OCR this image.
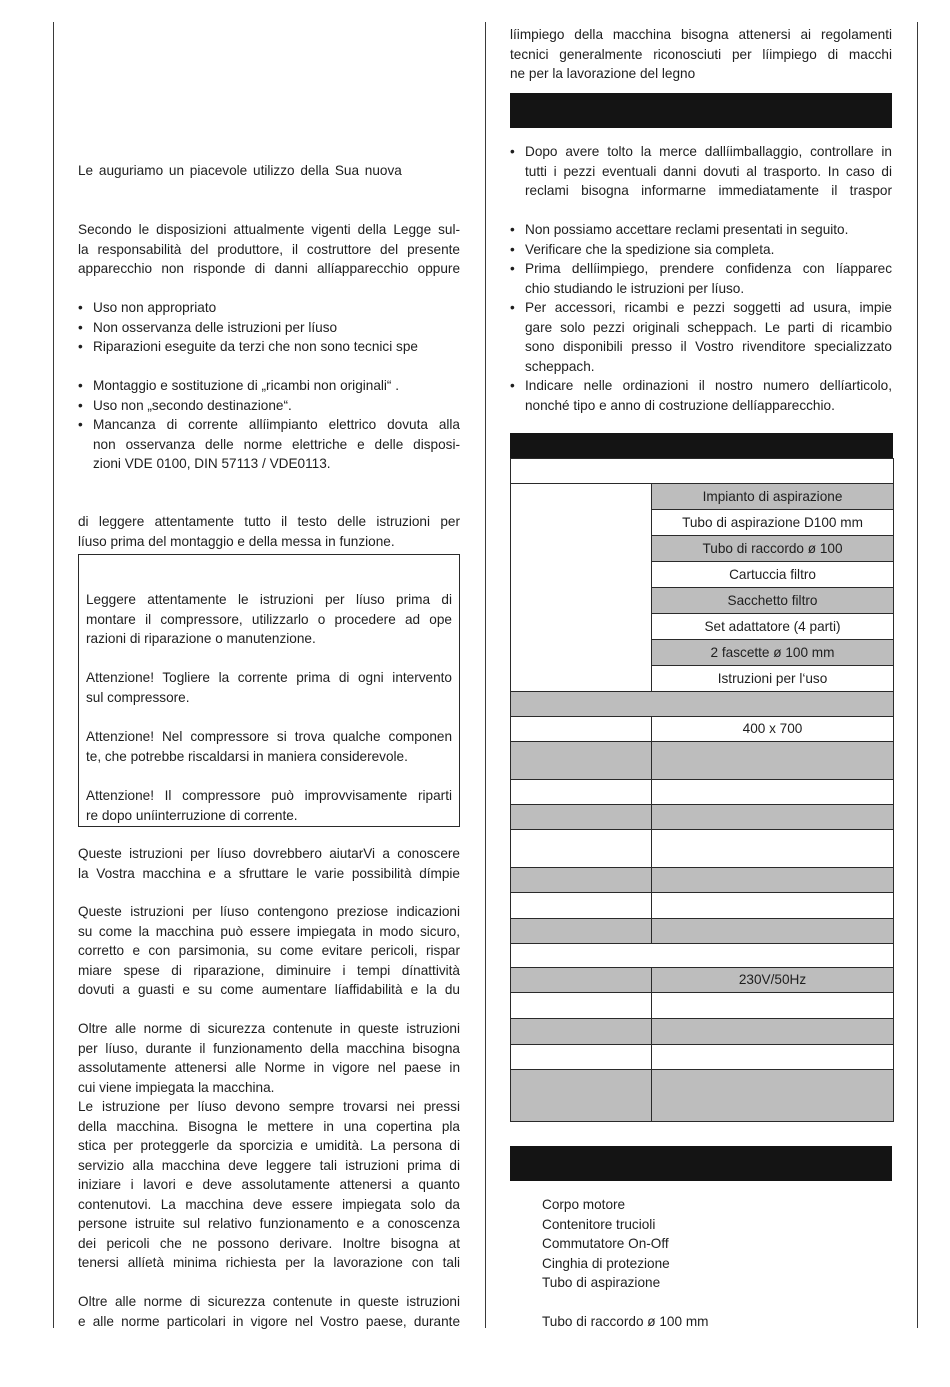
Le auguriamo un piacevole utilizzo della Sua nuova

Secondo le disposizioni attualmente vigenti della Legge sul-
la responsabilità del produttore, il costruttore del presente
apparecchio non risponde di danni allíapparecchio oppure
• Uso non appropriato
• Non osservanza delle istruzioni per líuso
• Riparazioni eseguite da terzi che non sono tecnici spe
• Montaggio e sostituzione di „ricambi non originali“ .
• Uso non „secondo destinazione“.
• Mancanza di corrente allíimpianto elettrico dovuta alla
non osservanza delle norme elettriche e delle disposi-
zioni VDE 0100, DIN 57113 / VDE0113.
di leggere attentamente tutto il testo delle istruzioni per
líuso prima del montaggio e della messa in funzione.
Leggere attentamente le istruzioni per líuso prima di
montare il compressore, utilizzarlo o procedere ad ope
razioni di riparazione o manutenzione.
Attenzione! Togliere la corrente prima di ogni intervento
sul compressore.
Attenzione! Nel compressore si trova qualche componen
te, che potrebbe riscaldarsi in maniera considerevole.
Attenzione! Il compressore può improvvisamente riparti
re dopo uníinterruzione di corrente.
Queste istruzioni per líuso dovrebbero aiutarVi a conoscere
la Vostra macchina e a sfruttare le varie possibilità dímpie
Queste istruzioni per líuso contengono preziose indicazioni
su come la macchina può essere impiegata in modo sicuro,
corretto e con parsimonia, su come evitare pericoli, rispar
miare spese di riparazione, diminuire i tempi dínattività
dovuti a guasti e su come aumentare líaffidabilità e la du
Oltre alle norme di sicurezza contenute in queste istruzioni
per líuso, durante il funzionamento della macchina bisogna
assolutamente attenersi alle Norme in vigore nel paese in
cui viene impiegata la macchina.
Le istruzione per líuso devono sempre trovarsi nei pressi
della macchina. Bisogna le metterе in una copertina pla
stica per proteggerle da sporcizia e umidità. La persona di
servizio alla macchina deve leggere tali istruzioni prima di
iniziare i lavori e deve assolutamente attenersi a quanto
contenutovi. La macchina deve essere impiegata solo da
persone istruite sul relativo funzionamento e a conoscenza
dei pericoli che ne possono derivare. Inoltre bisogna at
tenersi allíetà minima richiesta per la lavorazione con tali
Oltre alle norme di sicurezza contenute in queste istruzioni
e alle norme particolari in vigore nel Vostro paese, durante
líimpiego della macchina bisogna attenersi ai regolamenti
tecnici generalmente riconosciuti per líimpiego di macchi
ne per la lavorazione del legno
• Dopo avere tolto la merce dallíimballaggio, controllare in
tutti i pezzi eventuali danni dovuti al trasporto. In caso di
reclami bisogna informarne immediatamente il traspor
• Non possiamo accettare reclami presentati in seguito.
• Verificare che la spedizione sia completa.
• Prima dellíimpiego, prendere confidenza con líapparec
chio studiando le istruzioni per líuso.
• Per accessori, ricambi e pezzi soggetti ad usura, impie
gare solo pezzi originali scheppach. Le parti di ricambio
sono disponibili presso il Vostro rivenditore specializzato
scheppach.
• Indicare nelle ordinazioni il nostro numero dellíarticolo,
nonché tipo e anno di costruzione dellíapparecchio.

	Impianto di aspirazione
	Tubo di aspirazione D100 mm
	Tubo di raccordo ø 100
	Cartuccia filtro
	Sacchetto filtro
	Set adattatore (4 parti)
	2 fascette ø 100 mm
	Istruzioni per l‘uso

	400 x 700

	230V/50Hz

Corpo motore
Contenitore trucioli
Commutatore On-Off
Cinghia di protezione
Tubo di aspirazione
Tubo di raccordo ø 100 mm
